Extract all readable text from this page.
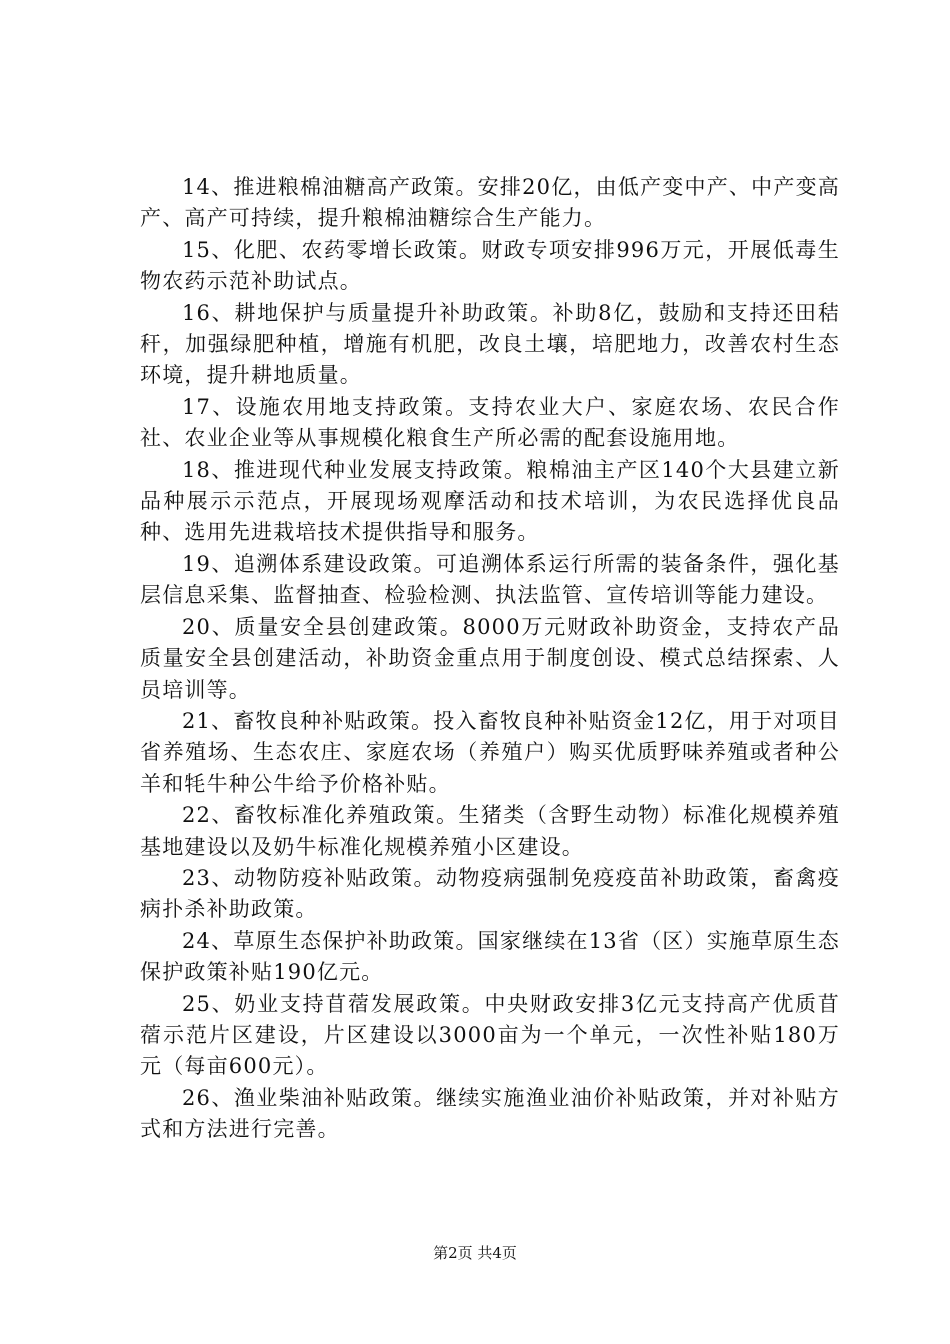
14、推进粮棉油糖高产政策。安排20亿，由低产变中产、中产变高产、高产可持续，提升粮棉油糖综合生产能力。

15、化肥、农药零增长政策。财政专项安排996万元，开展低毒生物农药示范补助试点。

16、耕地保护与质量提升补助政策。补助8亿，鼓励和支持还田秸秆，加强绿肥种植，增施有机肥，改良土壤，培肥地力，改善农村生态环境，提升耕地质量。

17、设施农用地支持政策。支持农业大户、家庭农场、农民合作社、农业企业等从事规模化粮食生产所必需的配套设施用地。

18、推进现代种业发展支持政策。粮棉油主产区140个大县建立新品种展示示范点，开展现场观摩活动和技术培训，为农民选择优良品种、选用先进栽培技术提供指导和服务。

19、追溯体系建设政策。可追溯体系运行所需的装备条件，强化基层信息采集、监督抽查、检验检测、执法监管、宣传培训等能力建设。

20、质量安全县创建政策。8000万元财政补助资金，支持农产品质量安全县创建活动，补助资金重点用于制度创设、模式总结探索、人员培训等。

21、畜牧良种补贴政策。投入畜牧良种补贴资金12亿，用于对项目省养殖场、生态农庄、家庭农场（养殖户）购买优质野味养殖或者种公羊和牦牛种公牛给予价格补贴。

22、畜牧标准化养殖政策。生猪类（含野生动物）标准化规模养殖基地建设以及奶牛标准化规模养殖小区建设。

23、动物防疫补贴政策。动物疫病强制免疫疫苗补助政策，畜禽疫病扑杀补助政策。

24、草原生态保护补助政策。国家继续在13省（区）实施草原生态保护政策补贴190亿元。

25、奶业支持苜蓿发展政策。中央财政安排3亿元支持高产优质苜蓿示范片区建设，片区建设以3000亩为一个单元，一次性补贴180万元（每亩600元）。

26、渔业柴油补贴政策。继续实施渔业油价补贴政策，并对补贴方式和方法进行完善。

第2页 共4页
